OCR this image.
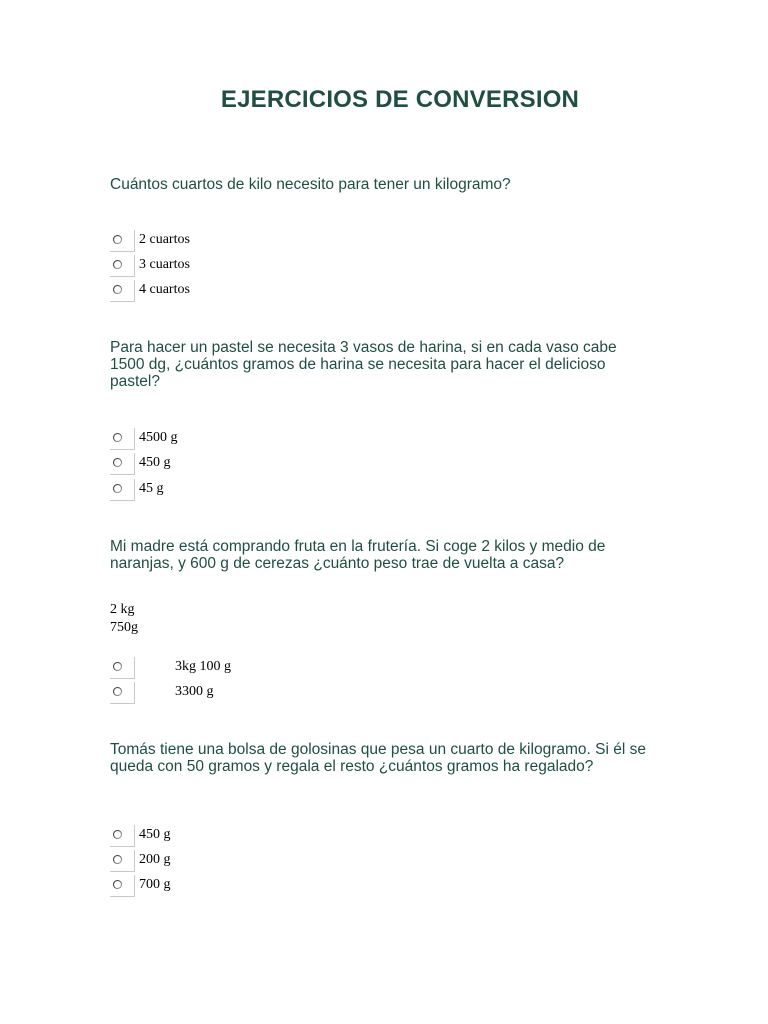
EJERCICIOS DE CONVERSION
Cuántos cuartos de kilo necesito para tener un kilogramo?
2 cuartos
3 cuartos
4 cuartos
Para hacer un pastel se necesita 3 vasos de harina, si en cada vaso cabe 1500 dg, ¿cuántos gramos de harina se necesita para hacer el delicioso pastel?
4500 g
450 g
45 g
Mi madre está comprando fruta en la frutería. Si coge 2 kilos y medio de naranjas, y 600 g de cerezas ¿cuánto peso trae de vuelta a casa?
2 kg
750g
3kg 100 g
3300 g
Tomás tiene una bolsa de golosinas que pesa un cuarto de kilogramo. Si él se queda con 50 gramos y regala el resto ¿cuántos gramos ha regalado?
450 g
200 g
700 g
